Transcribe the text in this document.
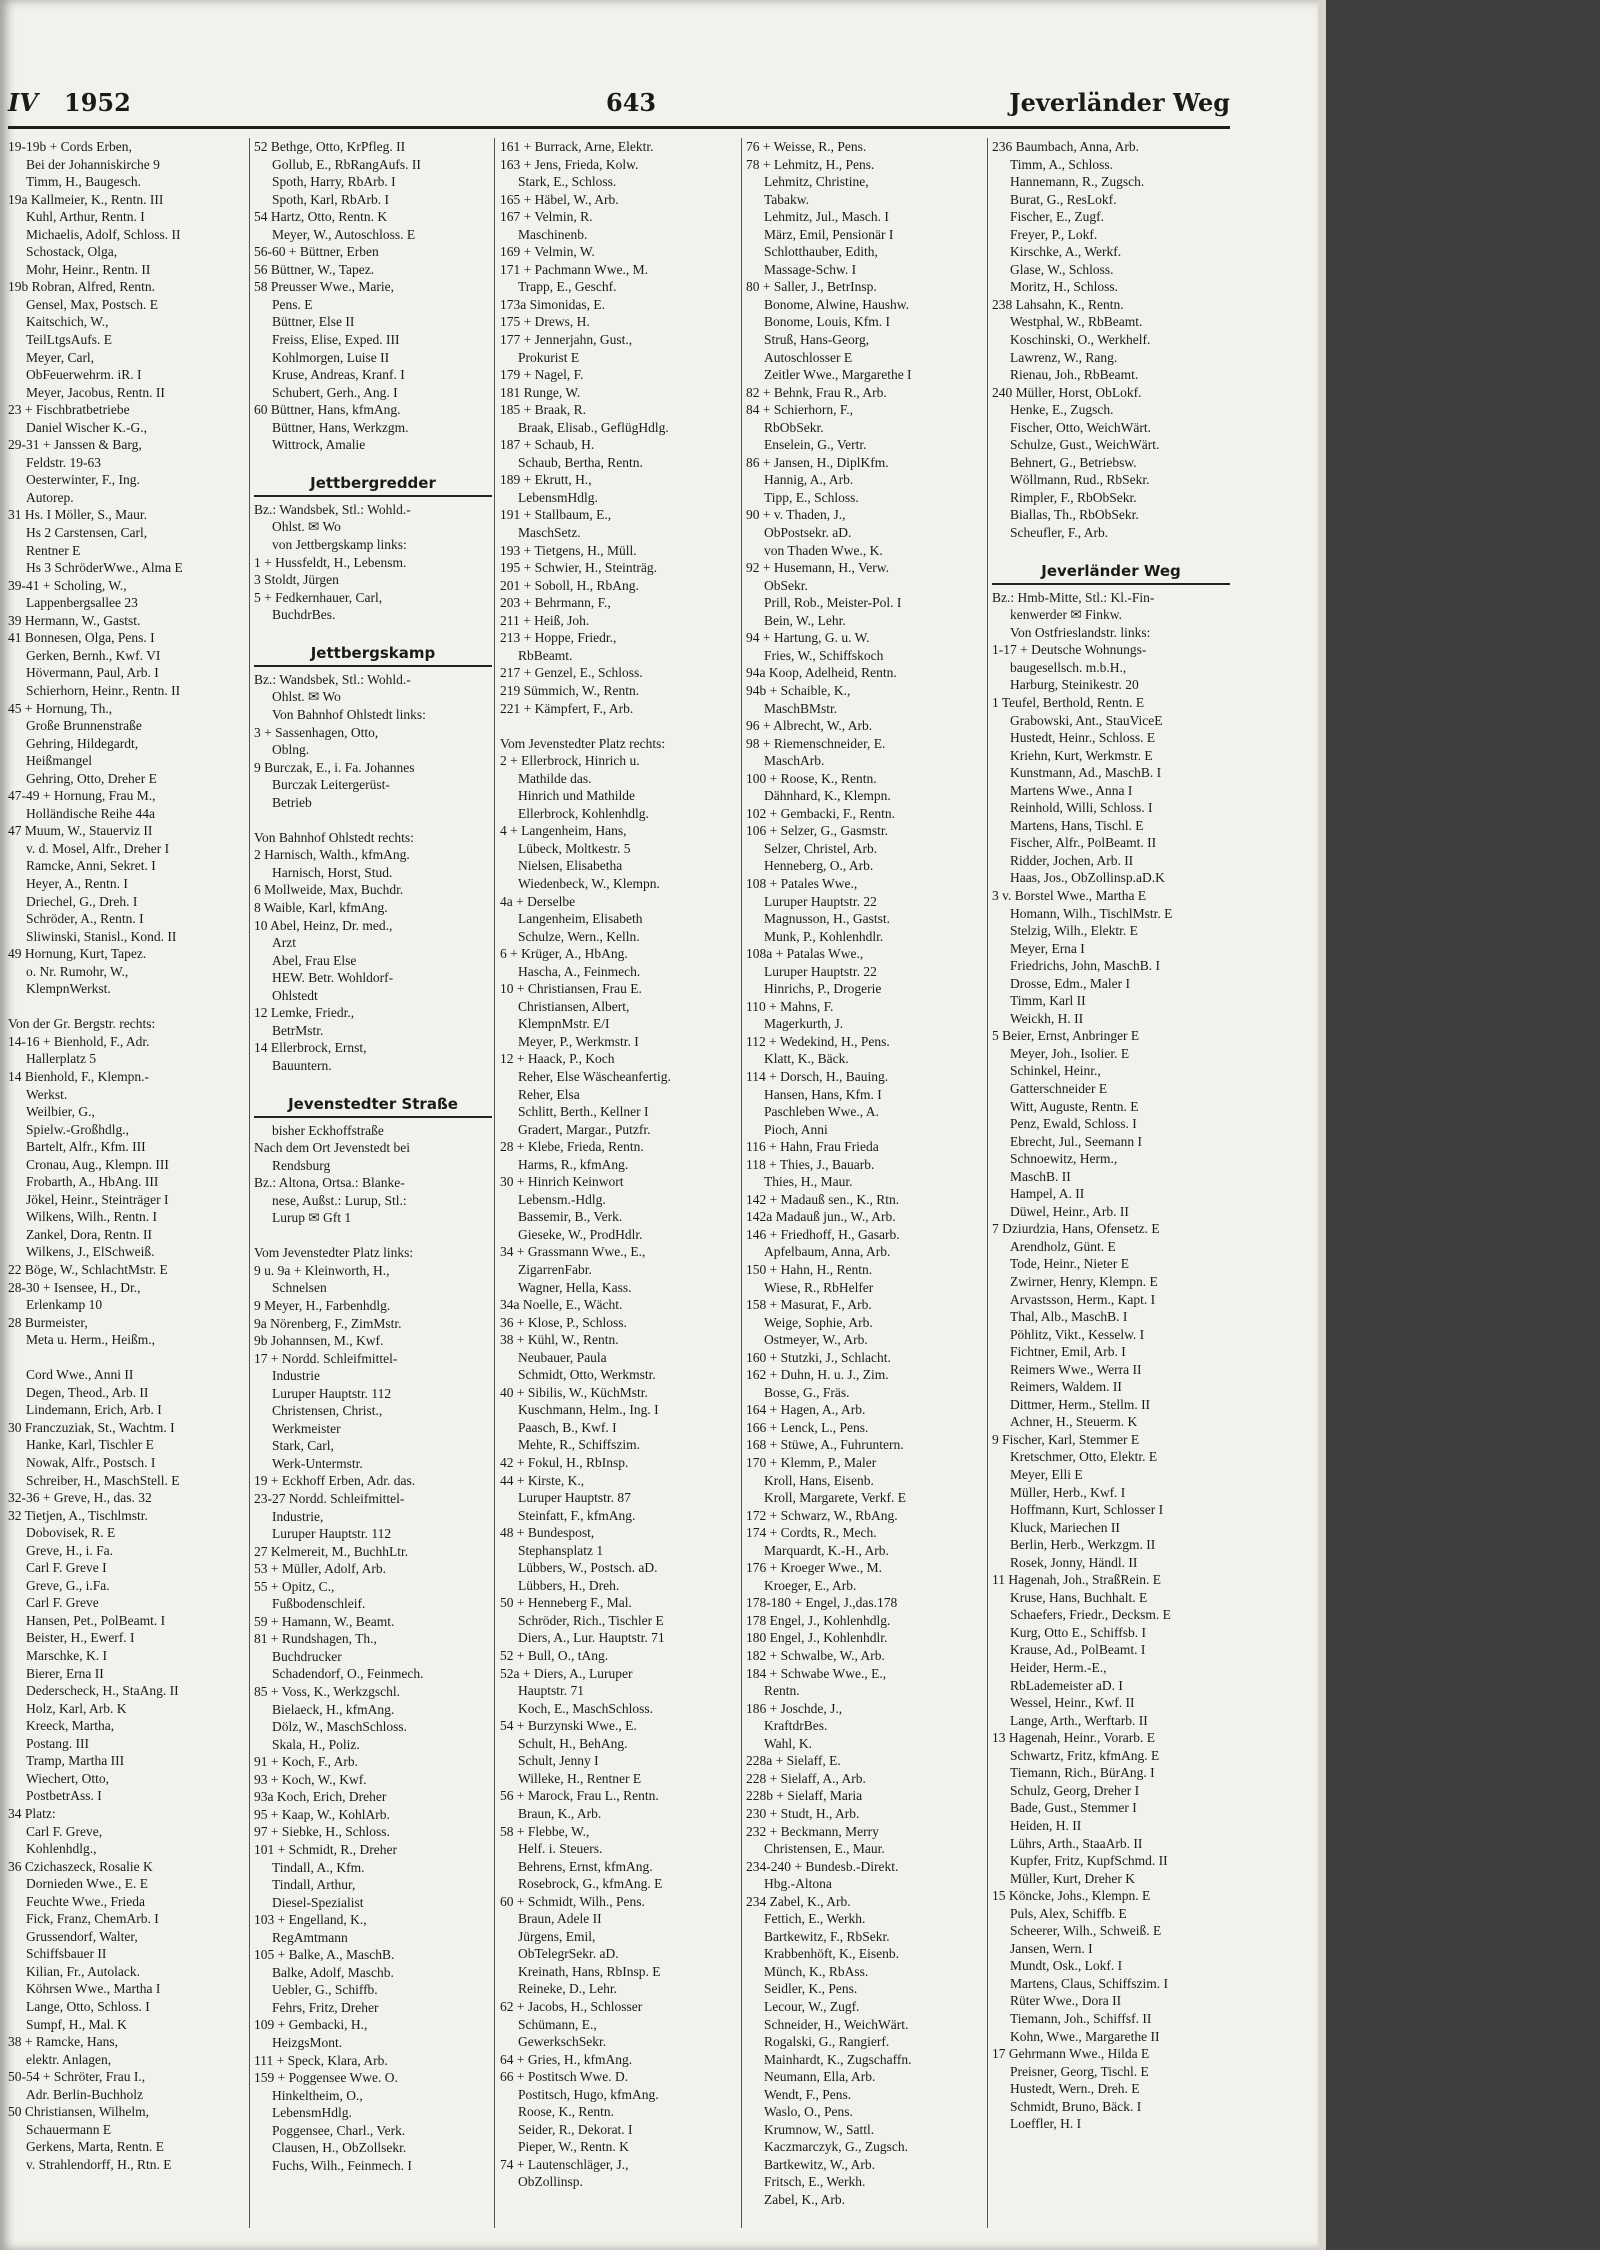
IV 1952	643	Jeverländer Weg
19-19b + Cords Erben,
Bei der Johanniskirche 9
Timm, H., Baugesch.
19a Kallmeier, K., Rentn. III
Kuhl, Arthur, Rentn. I
Michaelis, Adolf, Schloss. II
Schostack, Olga,
Mohr, Heinr., Rentn. II
19b Robran, Alfred, Rentn.
Gensel, Max, Postsch. E
Kaitschich, W.,
TeilLtgsAufs. E
Meyer, Carl,
ObFeuerwehrm. iR. I
Meyer, Jacobus, Rentn. II
23 + Fischbratbetriebe
Daniel Wischer K.-G.,
29-31 + Janssen & Barg,
Feldstr. 19-63
Oesterwinter, F., Ing.
Autorep.
31 Hs. I Möller, S., Maur.
Hs 2 Carstensen, Carl,
Rentner E
Hs 3 SchröderWwe., Alma E
39-41 + Scholing, W.,
Lappenbergsallee 23
39 Hermann, W., Gastst.
41 Bonnesen, Olga, Pens. I
Gerken, Bernh., Kwf. VI
Hövermann, Paul, Arb. I
Schierhorn, Heinr., Rentn. II
45 + Hornung, Th.,
Große Brunnenstraße
Gehring, Hildegardt,
Heißmangel
Gehring, Otto, Dreher E
47-49 + Hornung, Frau M.,
Holländische Reihe 44a
47 Muum, W., Stauerviz II
v. d. Mosel, Alfr., Dreher I
Ramcke, Anni, Sekret. I
Heyer, A., Rentn. I
Driechel, G., Dreh. I
Schröder, A., Rentn. I
Sliwinski, Stanisl., Kond. II
49 Hornung, Kurt, Tapez.
o. Nr. Rumohr, W.,
KlempnWerkst.

Von der Gr. Bergstr. rechts:
14-16 + Bienhold, F., Adr.
Hallerplatz 5
14 Bienhold, F., Klempn.-
Werkst.
Weilbier, G.,
Spielw.-Großhdlg.,
Bartelt, Alfr., Kfm. III
Cronau, Aug., Klempn. III
Frobarth, A., HbAng. III
Jökel, Heinr., Steinträger I
Wilkens, Wilh., Rentn. I
Zankel, Dora, Rentn. II
Wilkens, J., ElSchweiß.
22 Böge, W., SchlachtMstr. E
28-30 + Isensee, H., Dr.,
Erlenkamp 10
28 Burmeister,
Meta u. Herm., Heißm.,

Cord Wwe., Anni II
Degen, Theod., Arb. II
Lindemann, Erich, Arb. I
30 Franczuziak, St., Wachtm. I
Hanke, Karl, Tischler E
Nowak, Alfr., Postsch. I
Schreiber, H., MaschStell. E
32-36 + Greve, H., das. 32
32 Tietjen, A., Tischlmstr.
Dobovisek, R. E
Greve, H., i. Fa.
Carl F. Greve I
Greve, G., i.Fa.
Carl F. Greve
Hansen, Pet., PolBeamt. I
Beister, H., Ewerf. I
Marschke, K. I
Bierer, Erna II
Dederscheck, H., StaAng. II
Holz, Karl, Arb. K
Kreeck, Martha,
Postang. III
Tramp, Martha III
Wiechert, Otto,
PostbetrAss. I
34 Platz:
Carl F. Greve,
Kohlenhdlg.,
36 Czichaszeck, Rosalie K
Dornieden Wwe., E. E
Feuchte Wwe., Frieda
Fick, Franz, ChemArb. I
Grussendorf, Walter,
Schiffsbauer II
Kilian, Fr., Autolack.
Köhrsen Wwe., Martha I
Lange, Otto, Schloss. I
Sumpf, H., Mal. K
38 + Ramcke, Hans,
elektr. Anlagen,
50-54 + Schröter, Frau I.,
Adr. Berlin-Buchholz
50 Christiansen, Wilhelm,
Schauermann E
Gerkens, Marta, Rentn. E
v. Strahlendorff, H., Rtn. E
52 Bethge, Otto, KrPfleg. II
Gollub, E., RbRangAufs. II
Spoth, Harry, RbArb. I
Spoth, Karl, RbArb. I
54 Hartz, Otto, Rentn. K
Meyer, W., Autoschloss. E
56-60 + Büttner, Erben
56 Büttner, W., Tapez.
58 Preusser Wwe., Marie,
Pens. E
Büttner, Else II
Freiss, Elise, Exped. III
Kohlmorgen, Luise II
Kruse, Andreas, Kranf. I
Schubert, Gerh., Ang. I
60 Büttner, Hans, kfmAng.
Büttner, Hans, Werkzgm.
Wittrock, Amalie

Jettbergredder
Bz.: Wandsbek, Stl.: Wohld.-
Ohlst. ✉ Wo
von Jettbergskamp links:
1 + Hussfeldt, H., Lebensm.
3 Stoldt, Jürgen
5 + Fedkernhauer, Carl,
BuchdrBes.

Jettbergskamp
Bz.: Wandsbek, Stl.: Wohld.-
Ohlst. ✉ Wo
Von Bahnhof Ohlstedt links:
3 + Sassenhagen, Otto,
Oblng.
9 Burczak, E., i. Fa. Johannes
Burczak Leitergerüst-
Betrieb

Von Bahnhof Ohlstedt rechts:
2 Harnisch, Walth., kfmAng.
Harnisch, Horst, Stud.
6 Mollweide, Max, Buchdr.
8 Waible, Karl, kfmAng.
10 Abel, Heinz, Dr. med.,
Arzt
Abel, Frau Else
HEW. Betr. Wohldorf-
Ohlstedt
12 Lemke, Friedr.,
BetrMstr.
14 Ellerbrock, Ernst,
Bauuntern.

Jevenstedter Straße
bisher Eckhoffstraße
Nach dem Ort Jevenstedt bei
Rendsburg
Bz.: Altona, Ortsa.: Blanke-
nese, Außst.: Lurup, Stl.:
Lurup ✉ Gft 1

Vom Jevenstedter Platz links:
9 u. 9a + Kleinworth, H.,
Schnelsen
9 Meyer, H., Farbenhdlg.
9a Nörenberg, F., ZimMstr.
9b Johannsen, M., Kwf.
17 + Nordd. Schleifmittel-
Industrie
Luruper Hauptstr. 112
Christensen, Christ.,
Werkmeister
Stark, Carl,
Werk-Untermstr.
19 + Eckhoff Erben, Adr. das.
23-27 Nordd. Schleifmittel-
Industrie,
Luruper Hauptstr. 112
27 Kelmereit, M., BuchhLtr.
53 + Müller, Adolf, Arb.
55 + Opitz, C.,
Fußbodenschleif.
59 + Hamann, W., Beamt.
81 + Rundshagen, Th.,
Buchdrucker
Schadendorf, O., Feinmech.
85 + Voss, K., Werkzgschl.
Bielaeck, H., kfmAng.
Dölz, W., MaschSchloss.
Skala, H., Poliz.
91 + Koch, F., Arb.
93 + Koch, W., Kwf.
93a Koch, Erich, Dreher
95 + Kaap, W., KohlArb.
97 + Siebke, H., Schloss.
101 + Schmidt, R., Dreher
Tindall, A., Kfm.
Tindall, Arthur,
Diesel-Spezialist
103 + Engelland, K.,
RegAmtmann
105 + Balke, A., MaschB.
Balke, Adolf, Maschb.
Uebler, G., Schiffb.
Fehrs, Fritz, Dreher
109 + Gembacki, H.,
HeizgsMont.
111 + Speck, Klara, Arb.
159 + Poggensee Wwe. O.
Hinkeltheim, O.,
LebensmHdlg.
Poggensee, Charl., Verk.
Clausen, H., ObZollsekr.
Fuchs, Wilh., Feinmech. I
161 + Burrack, Arne, Elektr.
163 + Jens, Frieda, Kolw.
Stark, E., Schloss.
165 + Häbel, W., Arb.
167 + Velmin, R.
Maschinenb.
169 + Velmin, W.
171 + Pachmann Wwe., M.
Trapp, E., Geschf.
173a Simonidas, E.
175 + Drews, H.
177 + Jennerjahn, Gust.,
Prokurist E
179 + Nagel, F.
181 Runge, W.
185 + Braak, R.
Braak, Elisab., GeflügHdlg.
187 + Schaub, H.
Schaub, Bertha, Rentn.
189 + Ekrutt, H.,
LebensmHdlg.
191 + Stallbaum, E.,
MaschSetz.
193 + Tietgens, H., Müll.
195 + Schwier, H., Steinträg.
201 + Soboll, H., RbAng.
203 + Behrmann, F.,
211 + Heiß, Joh.
213 + Hoppe, Friedr.,
RbBeamt.
217 + Genzel, E., Schloss.
219 Sümmich, W., Rentn.
221 + Kämpfert, F., Arb.

Vom Jevenstedter Platz rechts:
2 + Ellerbrock, Hinrich u.
Mathilde das.
Hinrich und Mathilde
Ellerbrock, Kohlenhdlg.
4 + Langenheim, Hans,
Lübeck, Moltkestr. 5
Nielsen, Elisabetha
Wiedenbeck, W., Klempn.
4a + Derselbe
Langenheim, Elisabeth
Schulze, Wern., Kelln.
6 + Krüger, A., HbAng.
Hascha, A., Feinmech.
10 + Christiansen, Frau E.
Christiansen, Albert,
KlempnMstr. E/I
Meyer, P., Werkmstr. I
12 + Haack, P., Koch
Reher, Else Wäscheanfertig.
Reher, Elsa
Schlitt, Berth., Kellner I
Gradert, Margar., Putzfr.
28 + Klebe, Frieda, Rentn.
Harms, R., kfmAng.
30 + Hinrich Keinwort
Lebensm.-Hdlg.
Bassemir, B., Verk.
Gieseke, W., ProdHdlr.
34 + Grassmann Wwe., E.,
ZigarrenFabr.
Wagner, Hella, Kass.
34a Noelle, E., Wächt.
36 + Klose, P., Schloss.
38 + Kühl, W., Rentn.
Neubauer, Paula
Schmidt, Otto, Werkmstr.
40 + Sibilis, W., KüchMstr.
Kuschmann, Helm., Ing. I
Paasch, B., Kwf. I
Mehte, R., Schiffszim.
42 + Fokul, H., RbInsp.
44 + Kirste, K.,
Luruper Hauptstr. 87
Steinfatt, F., kfmAng.
48 + Bundespost,
Stephansplatz 1
Lübbers, W., Postsch. aD.
Lübbers, H., Dreh.
50 + Henneberg F., Mal.
Schröder, Rich., Tischler E
Diers, A., Lur. Hauptstr. 71
52 + Bull, O., tAng.
52a + Diers, A., Luruper
Hauptstr. 71
Koch, E., MaschSchloss.
54 + Burzynski Wwe., E.
Schult, H., BehAng.
Schult, Jenny I
Willeke, H., Rentner E
56 + Marock, Frau L., Rentn.
Braun, K., Arb.
58 + Flebbe, W.,
Helf. i. Steuers.
Behrens, Ernst, kfmAng.
Rosebrock, G., kfmAng. E
60 + Schmidt, Wilh., Pens.
Braun, Adele II
Jürgens, Emil,
ObTelegrSekr. aD.
Kreinath, Hans, RbInsp. E
Reineke, D., Lehr.
62 + Jacobs, H., Schlosser
Schümann, E.,
GewerkschSekr.
64 + Gries, H., kfmAng.
66 + Postitsch Wwe. D.
Postitsch, Hugo, kfmAng.
Roose, K., Rentn.
Seider, R., Dekorat. I
Pieper, W., Rentn. K
74 + Lautenschläger, J.,
ObZollinsp.
76 + Weisse, R., Pens.
78 + Lehmitz, H., Pens.
Lehmitz, Christine,
Tabakw.
Lehmitz, Jul., Masch. I
März, Emil, Pensionär I
Schlotthauber, Edith,
Massage-Schw. I
80 + Saller, J., BetrInsp.
Bonome, Alwine, Haushw.
Bonome, Louis, Kfm. I
Struß, Hans-Georg,
Autoschlosser E
Zeitler Wwe., Margarethe I
82 + Behnk, Frau R., Arb.
84 + Schierhorn, F.,
RbObSekr.
Enselein, G., Vertr.
86 + Jansen, H., DiplKfm.
Hannig, A., Arb.
Tipp, E., Schloss.
90 + v. Thaden, J.,
ObPostsekr. aD.
von Thaden Wwe., K.
92 + Husemann, H., Verw.
ObSekr.
Prill, Rob., Meister-Pol. I
Bein, W., Lehr.
94 + Hartung, G. u. W.
Fries, W., Schiffskoch
94a Koop, Adelheid, Rentn.
94b + Schaible, K.,
MaschBMstr.
96 + Albrecht, W., Arb.
98 + Riemenschneider, E.
MaschArb.
100 + Roose, K., Rentn.
Dähnhard, K., Klempn.
102 + Gembacki, F., Rentn.
106 + Selzer, G., Gasmstr.
Selzer, Christel, Arb.
Henneberg, O., Arb.
108 + Patales Wwe.,
Luruper Hauptstr. 22
Magnusson, H., Gastst.
Munk, P., Kohlenhdlr.
108a + Patalas Wwe.,
Luruper Hauptstr. 22
Hinrichs, P., Drogerie
110 + Mahns, F.
Magerkurth, J.
112 + Wedekind, H., Pens.
Klatt, K., Bäck.
114 + Dorsch, H., Bauing.
Hansen, Hans, Kfm. I
Paschleben Wwe., A.
Pioch, Anni
116 + Hahn, Frau Frieda
118 + Thies, J., Bauarb.
Thies, H., Maur.
142 + Madauß sen., K., Rtn.
142a Madauß jun., W., Arb.
146 + Friedhoff, H., Gasarb.
Apfelbaum, Anna, Arb.
150 + Hahn, H., Rentn.
Wiese, R., RbHelfer
158 + Masurat, F., Arb.
Weige, Sophie, Arb.
Ostmeyer, W., Arb.
160 + Stutzki, J., Schlacht.
162 + Duhn, H. u. J., Zim.
Bosse, G., Fräs.
164 + Hagen, A., Arb.
166 + Lenck, L., Pens.
168 + Stüwe, A., Fuhruntern.
170 + Klemm, P., Maler
Kroll, Hans, Eisenb.
Kroll, Margarete, Verkf. E
172 + Schwarz, W., RbAng.
174 + Cordts, R., Mech.
Marquardt, K.-H., Arb.
176 + Kroeger Wwe., M.
Kroeger, E., Arb.
178-180 + Engel, J.,das.178
178 Engel, J., Kohlenhdlg.
180 Engel, J., Kohlenhdlr.
182 + Schwalbe, W., Arb.
184 + Schwabe Wwe., E.,
Rentn.
186 + Joschde, J.,
KraftdrBes.
Wahl, K.
228a + Sielaff, E.
228 + Sielaff, A., Arb.
228b + Sielaff, Maria
230 + Studt, H., Arb.
232 + Beckmann, Merry
Christensen, E., Maur.
234-240 + Bundesb.-Direkt.
Hbg.-Altona
234 Zabel, K., Arb.
Fettich, E., Werkh.
Bartkewitz, F., RbSekr.
Krabbenhöft, K., Eisenb.
Münch, K., RbAss.
Seidler, K., Pens.
Lecour, W., Zugf.
Schneider, H., WeichWärt.
Rogalski, G., Rangierf.
Mainhardt, K., Zugschaffn.
Neumann, Ella, Arb.
Wendt, F., Pens.
Waslo, O., Pens.
Krumnow, W., Sattl.
Kaczmarczyk, G., Zugsch.
Bartkewitz, W., Arb.
Fritsch, E., Werkh.
Zabel, K., Arb.
236 Baumbach, Anna, Arb.
Timm, A., Schloss.
Hannemann, R., Zugsch.
Burat, G., ResLokf.
Fischer, E., Zugf.
Freyer, P., Lokf.
Kirschke, A., Werkf.
Glase, W., Schloss.
Moritz, H., Schloss.
238 Lahsahn, K., Rentn.
Westphal, W., RbBeamt.
Koschinski, O., Werkhelf.
Lawrenz, W., Rang.
Rienau, Joh., RbBeamt.
240 Müller, Horst, ObLokf.
Henke, E., Zugsch.
Fischer, Otto, WeichWärt.
Schulze, Gust., WeichWärt.
Behnert, G., Betriebsw.
Wöllmann, Rud., RbSekr.
Rimpler, F., RbObSekr.
Biallas, Th., RbObSekr.
Scheufler, F., Arb.

Jeverländer Weg
Bz.: Hmb-Mitte, Stl.: Kl.-Fin-
kenwerder ✉ Finkw.
Von Ostfrieslandstr. links:
1-17 + Deutsche Wohnungs-
baugesellsch. m.b.H.,
Harburg, Steinikestr. 20
1 Teufel, Berthold, Rentn. E
Grabowski, Ant., StauViceE
Hustedt, Heinr., Schloss. E
Kriehn, Kurt, Werkmstr. E
Kunstmann, Ad., MaschB. I
Martens Wwe., Anna I
Reinhold, Willi, Schloss. I
Martens, Hans, Tischl. E
Fischer, Alfr., PolBeamt. II
Ridder, Jochen, Arb. II
Haas, Jos., ObZollinsp.aD.K
3 v. Borstel Wwe., Martha E
Homann, Wilh., TischlMstr. E
Stelzig, Wilh., Elektr. E
Meyer, Erna I
Friedrichs, John, MaschB. I
Drosse, Edm., Maler I
Timm, Karl II
Weickh, H. II
5 Beier, Ernst, Anbringer E
Meyer, Joh., Isolier. E
Schinkel, Heinr.,
Gatterschneider E
Witt, Auguste, Rentn. E
Penz, Ewald, Schloss. I
Ebrecht, Jul., Seemann I
Schnoewitz, Herm.,
MaschB. II
Hampel, A. II
Düwel, Heinr., Arb. II
7 Dziurdzia, Hans, Ofensetz. E
Arendholz, Günt. E
Tode, Heinr., Nieter E
Zwirner, Henry, Klempn. E
Arvastsson, Herm., Kapt. I
Thal, Alb., MaschB. I
Pöhlitz, Vikt., Kesselw. I
Fichtner, Emil, Arb. I
Reimers Wwe., Werra II
Reimers, Waldem. II
Dittmer, Herm., Stellm. II
Achner, H., Steuerm. K
9 Fischer, Karl, Stemmer E
Kretschmer, Otto, Elektr. E
Meyer, Elli E
Müller, Herb., Kwf. I
Hoffmann, Kurt, Schlosser I
Kluck, Mariechen II
Berlin, Herb., Werkzgm. II
Rosek, Jonny, Händl. II
11 Hagenah, Joh., StraßRein. E
Kruse, Hans, Buchhalt. E
Schaefers, Friedr., Decksm. E
Kurg, Otto E., Schiffsb. I
Krause, Ad., PolBeamt. I
Heider, Herm.-E.,
RbLademeister aD. I
Wessel, Heinr., Kwf. II
Lange, Arth., Werftarb. II
13 Hagenah, Heinr., Vorarb. E
Schwartz, Fritz, kfmAng. E
Tiemann, Rich., BürAng. I
Schulz, Georg, Dreher I
Bade, Gust., Stemmer I
Heiden, H. II
Lührs, Arth., StaaArb. II
Kupfer, Fritz, KupfSchmd. II
Müller, Kurt, Dreher K
15 Köncke, Johs., Klempn. E
Puls, Alex, Schiffb. E
Scheerer, Wilh., Schweiß. E
Jansen, Wern. I
Mundt, Osk., Lokf. I
Martens, Claus, Schiffszim. I
Rüter Wwe., Dora II
Tiemann, Joh., Schiffsf. II
Kohn, Wwe., Margarethe II
17 Gehrmann Wwe., Hilda E
Preisner, Georg, Tischl. E
Hustedt, Wern., Dreh. E
Schmidt, Bruno, Bäck. I
Loeffler, H. I
